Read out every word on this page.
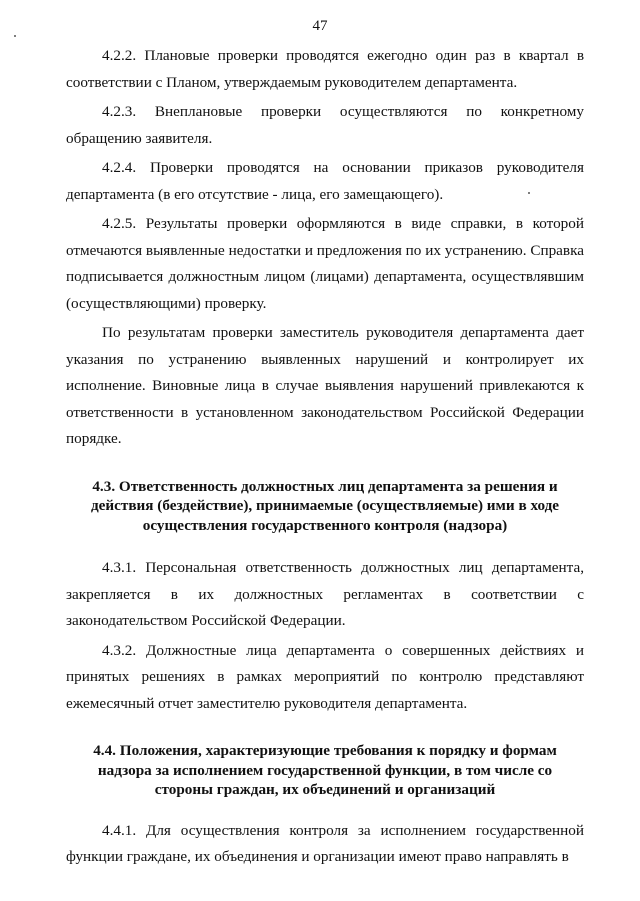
47

4.2.2. Плановые проверки проводятся ежегодно один раз в квартал в соответствии с Планом, утверждаемым руководителем департамента.

4.2.3. Внеплановые проверки осуществляются по конкретному обращению заявителя.

4.2.4. Проверки проводятся на основании приказов руководителя департамента (в его отсутствие - лица, его замещающего).

4.2.5. Результаты проверки оформляются в виде справки, в которой отмечаются выявленные недостатки и предложения по их устранению. Справка подписывается должностным лицом (лицами) департамента, осуществлявшим (осуществляющими) проверку.

По результатам проверки заместитель руководителя департамента дает указания по устранению выявленных нарушений и контролирует их исполнение. Виновные лица в случае выявления нарушений привлекаются к ответственности в установленном законодательством Российской Федерации порядке.

4.3. Ответственность должностных лиц департамента за решения и действия (бездействие), принимаемые (осуществляемые) ими в ходе осуществления государственного контроля (надзора)

4.3.1. Персональная ответственность должностных лиц департамента, закрепляется в их должностных регламентах в соответствии с законодательством Российской Федерации.

4.3.2. Должностные лица департамента о совершенных действиях и принятых решениях в рамках мероприятий по контролю представляют ежемесячный отчет заместителю руководителя департамента.

4.4. Положения, характеризующие требования к порядку и формам надзора за исполнением государственной функции, в том числе со стороны граждан, их объединений и организаций

4.4.1. Для осуществления контроля за исполнением государственной функции граждане, их объединения и организации имеют право направлять в
